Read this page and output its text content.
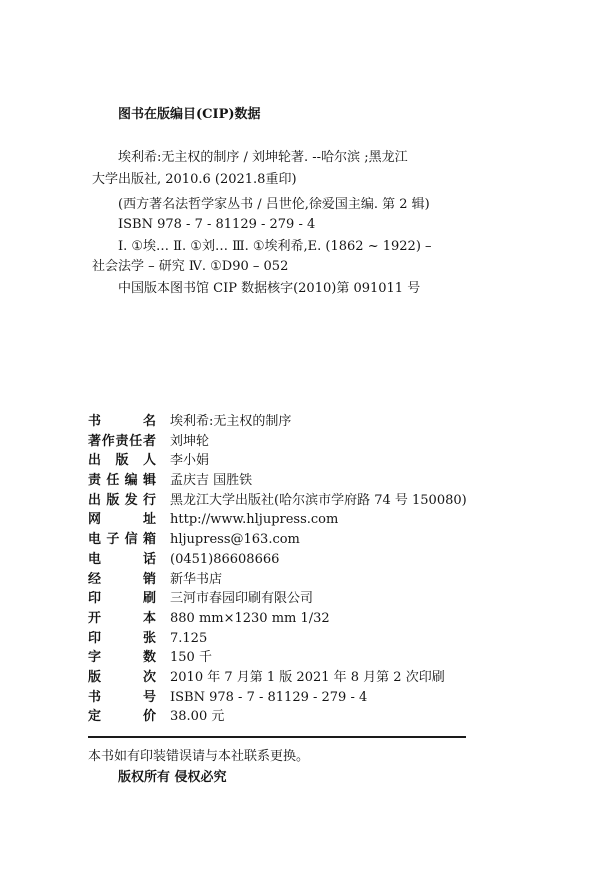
图书在版编目(CIP)数据
埃利希:无主权的制序 / 刘坤轮著. --哈尔滨 ;黑龙江
大学出版社, 2010.6 (2021.8重印)
(西方著名法哲学家丛书 / 吕世伦,徐爱国主编. 第 2 辑)
ISBN 978 - 7 - 81129 - 279 - 4
Ⅰ. ①埃… Ⅱ. ①刘… Ⅲ. ①埃利希,E. (1862 ~ 1922) –
社会法学 – 研究 Ⅳ. ①D90 – 052
中国版本图书馆 CIP 数据核字(2010)第 091011 号
书 名 埃利希:无主权的制序
著作责任者 刘坤轮
出 版 人 李小娟
责 任 编 辑 孟庆吉 国胜铁
出 版 发 行 黑龙江大学出版社(哈尔滨市学府路 74 号 150080)
网 址 http://www.hljupress.com
电 子 信 箱 hljupress@163.com
电 话 (0451)86608666
经 销 新华书店
印 刷 三河市春园印刷有限公司
开 本 880 mm×1230 mm 1/32
印 张 7.125
字 数 150 千
版 次 2010 年 7 月第 1 版 2021 年 8 月第 2 次印刷
书 号 ISBN 978 - 7 - 81129 - 279 - 4
定 价 38.00 元
本书如有印装错误请与本社联系更换。
版权所有 侵权必究
